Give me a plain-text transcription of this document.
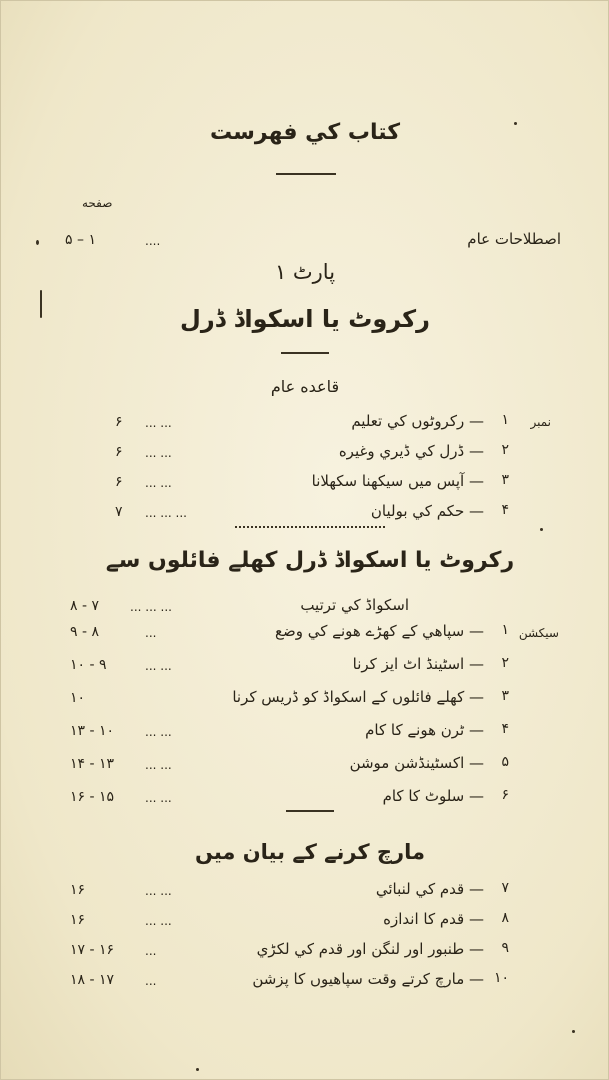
كتاب كي فهرست
صفحه
اصطلاحات عام
....
۱ – ۵
پارٹ ۱
رکروٹ يا اسکواڈ ڈرل
قاعده عام
نمبر
۱
— رکروٹوں کي تعليم
... ...
۶
۲
— ڈرل کي ڈيري وغيره
... ...
۶
۳
— آپس ميں سيکھنا سکھلانا
... ...
۶
۴
— حکم کي بوليان
... ... ...
۷
رکروٹ يا اسکواڈ ڈرل کھلے فائلوں سے
اسکواڈ کي ترتيب
... ... ...
۷ - ۸
سيکشن
۱
— سپاهي کے کھڑے هونے کي وضع
...
۸ - ۹
۲
— اسٹينڈ اٹ ايز کرنا
... ...
۹ - ۱۰
۳
— کھلے فائلوں کے اسکواڈ کو ڈريس کرنا
۱۰
۴
— ٹرن هونے کا کام
... ...
۱۰ - ۱۳
۵
— اکسٹينڈشن موشن
... ...
۱۳ - ۱۴
۶
— سلوٹ کا کام
... ...
۱۵ - ۱۶
مارچ کرنے کے بيان ميں
۷
— قدم کي لنبائي
... ...
۱۶
۸
— قدم کا اندازه
... ...
۱۶
۹
— طنبور اور لنگن اور قدم کي لکڑي
...
۱۶ - ۱۷
۱۰
— مارچ کرتے وقت سپاهيوں کا پزشن
...
۱۷ - ۱۸
